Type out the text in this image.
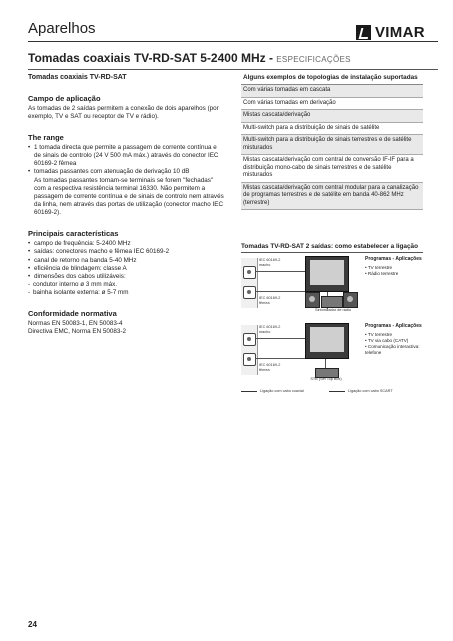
Aparelhos	VIMAR
Tomadas coaxiais TV-RD-SAT 5-2400 MHz - ESPECIFICAÇÕES
Tomadas coaxiais TV-RD-SAT
Campo de aplicação

As tomadas de 2 saídas permitem a conexão de dois aparelhos (por exemplo, TV e SAT ou receptor de TV e rádio).

The range
• 1 tomada directa que permite a passagem de corrente contínua e de sinais de controlo (24 V 500 mA máx.) através do conector IEC 60169-2 fêmea
• tomadas passantes com atenuação de derivação 10 dB

As tomadas passantes tornam-se terminais se forem "fechadas" com a respectiva resistência terminal 16330. Não permitem a passagem de corrente contínua e de sinais de controlo nem através da linha, nem através das portas de utilização (conector macho IEC 60169-2).

Principais características
• campo de frequência: 5-2400 MHz
• saídas: conectores macho e fêmea IEC 60169-2
• canal de retorno na banda 5-40 MHz
• eficiência de blindagem: classe A
• dimensões dos cabos utilizáveis:
- condutor interno ø 3 mm máx.
- bainha isolante externa: ø 5-7 mm
Conformidade normativa

Normas EN 50083-1, EN 50083-4

Directiva EMC, Norma EN 50083-2

Alguns exemplos de topologias de instalação suportadas
Com várias tomadas em cascata
Com várias tomadas em derivação
Mistas cascata/derivação
Multi-switch para a distribuição de sinais de satélite
Multi-switch para a distribuição de sinais terrestres e de satélite misturados
Mistas cascata/derivação com central de conversão IF-IF para a distribuição mono-cabo de sinais terrestres e de satélite misturados
Mistas cascata/derivação com central modular para a canalização de programas terrestres e de satélite em banda 40-862 MHz (terrestre)
Tomadas TV-RD-SAT 2 saídas: como estabelecer a ligação
IEC 60169-2 macho
IEC 60169-2 fêmea
Sintonizador de rádio
Programas - Aplicações
• TV terrestre
• Rádio terrestre
IEC 60169-2 macho
IEC 60169-2 fêmea
STB (Set Top Box)
Programas - Aplicações
• TV terrestre
• TV via cabo (CATV)
• Comunicação interactiva: telefone
Ligação com cabo coaxial	Ligação com cabo SCART
24
